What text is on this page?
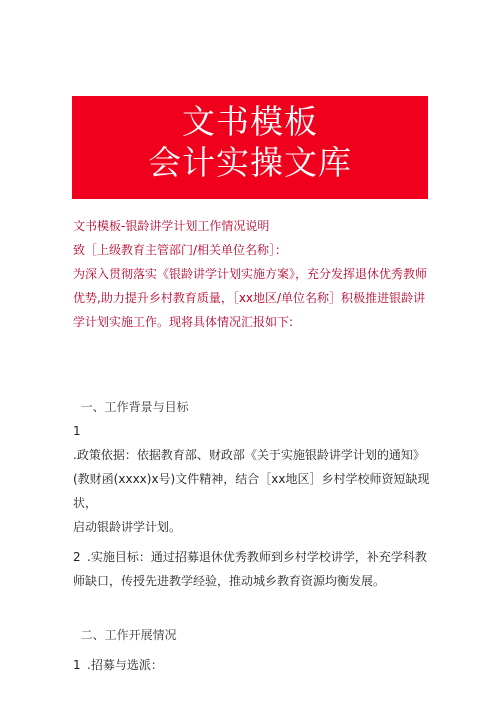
文书模板
会计实操文库
文书模板-银龄讲学计划工作情况说明
致［上级教育主管部门/相关单位名称］：

为深入贯彻落实《银龄讲学计划实施方案》，充分发挥退休优秀教师

优势,助力提升乡村教育质量，［xx地区/单位名称］积极推进银龄讲

学计划实施工作。现将具体情况汇报如下:

一、工作背景与目标
1.政策依据：依据教育部、财政部《关于实施银龄讲学计划的通知》
(教财函(xxxx)x号)文件精神，结合［xx地区］乡村学校师资短缺现状，
启动银龄讲学计划。
2 .实施目标：通过招募退休优秀教师到乡村学校讲学，补充学科教
师缺口，传授先进教学经验，推动城乡教育资源均衡发展。
二、工作开展情况
1 .招募与选派：
